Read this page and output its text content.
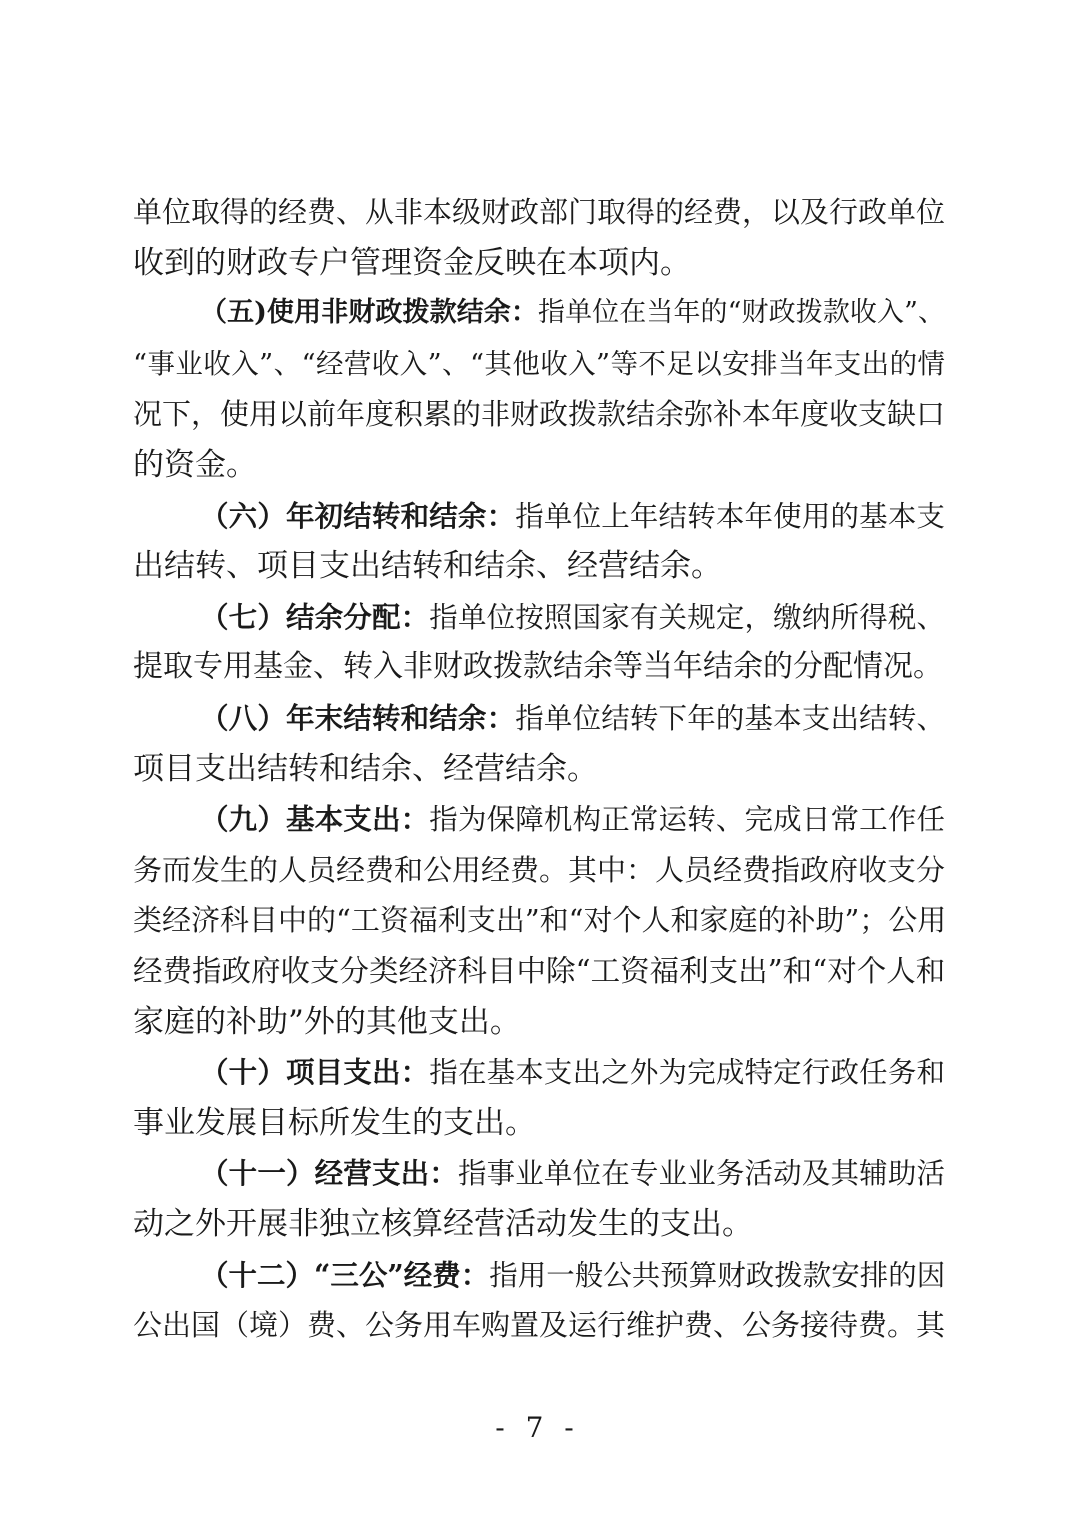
单位取得的经费、从非本级财政部门取得的经费，以及行政单位
收到的财政专户管理资金反映在本项内。
（五)使用非财政拨款结余：指单位在当年的“财政拨款收入”、
“事业收入”、“经营收入”、“其他收入”等不足以安排当年支出的情
况下，使用以前年度积累的非财政拨款结余弥补本年度收支缺口
的资金。
（六）年初结转和结余：指单位上年结转本年使用的基本支
出结转、项目支出结转和结余、经营结余。
（七）结余分配：指单位按照国家有关规定，缴纳所得税、
提取专用基金、转入非财政拨款结余等当年结余的分配情况。
（八）年末结转和结余：指单位结转下年的基本支出结转、
项目支出结转和结余、经营结余。
（九）基本支出：指为保障机构正常运转、完成日常工作任
务而发生的人员经费和公用经费。其中：人员经费指政府收支分
类经济科目中的“工资福利支出”和“对个人和家庭的补助”；公用
经费指政府收支分类经济科目中除“工资福利支出”和“对个人和
家庭的补助”外的其他支出。
（十）项目支出：指在基本支出之外为完成特定行政任务和
事业发展目标所发生的支出。
（十一）经营支出：指事业单位在专业业务活动及其辅助活
动之外开展非独立核算经营活动发生的支出。
（十二）“三公”经费：指用一般公共预算财政拨款安排的因
公出国（境）费、公务用车购置及运行维护费、公务接待费。其
- 7 -
